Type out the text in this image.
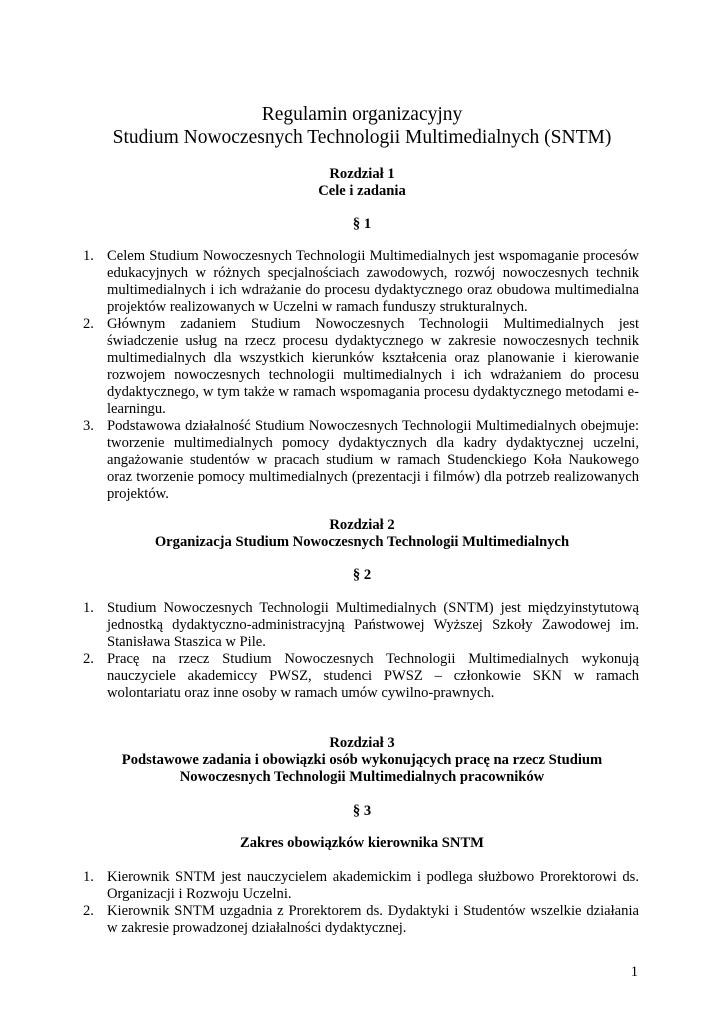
Regulamin organizacyjny
Studium Nowoczesnych Technologii Multimedialnych (SNTM)
Rozdział 1
Cele i zadania
§ 1
1. Celem Studium Nowoczesnych Technologii Multimedialnych jest wspomaganie procesów edukacyjnych w różnych specjalnościach zawodowych, rozwój nowoczesnych technik multimedialnych i ich wdrażanie do procesu dydaktycznego oraz obudowa multimedialna projektów realizowanych w Uczelni w ramach funduszy strukturalnych.
2. Głównym zadaniem Studium Nowoczesnych Technologii Multimedialnych jest świadczenie usług na rzecz procesu dydaktycznego w zakresie nowoczesnych technik multimedialnych dla wszystkich kierunków kształcenia oraz planowanie i kierowanie rozwojem nowoczesnych technologii multimedialnych i ich wdrażaniem do procesu dydaktycznego, w tym także w ramach wspomagania procesu dydaktycznego metodami e-learningu.
3. Podstawowa działalność Studium Nowoczesnych Technologii Multimedialnych obejmuje: tworzenie multimedialnych pomocy dydaktycznych dla kadry dydaktycznej uczelni, angażowanie studentów w pracach studium w ramach Studenckiego Koła Naukowego oraz tworzenie pomocy multimedialnych (prezentacji i filmów) dla potrzeb realizowanych projektów.
Rozdział 2
Organizacja Studium Nowoczesnych Technologii Multimedialnych
§ 2
1. Studium Nowoczesnych Technologii Multimedialnych (SNTM) jest międzyinstytutową jednostką dydaktyczno-administracyjną Państwowej Wyższej Szkoły Zawodowej im. Stanisława Staszica w Pile.
2. Pracę na rzecz Studium Nowoczesnych Technologii Multimedialnych wykonują nauczyciele akademiccy PWSZ, studenci PWSZ – członkowie SKN w ramach wolontariatu oraz inne osoby w ramach umów cywilno-prawnych.
Rozdział 3
Podstawowe zadania i obowiązki osób wykonujących pracę na rzecz Studium
Nowoczesnych Technologii Multimedialnych pracowników
§ 3
Zakres obowiązków kierownika SNTM
1. Kierownik SNTM jest nauczycielem akademickim i podlega służbowo Prorektorowi ds. Organizacji i Rozwoju Uczelni.
2. Kierownik SNTM uzgadnia z Prorektorem ds. Dydaktyki i Studentów wszelkie działania w zakresie prowadzonej działalności dydaktycznej.
1
